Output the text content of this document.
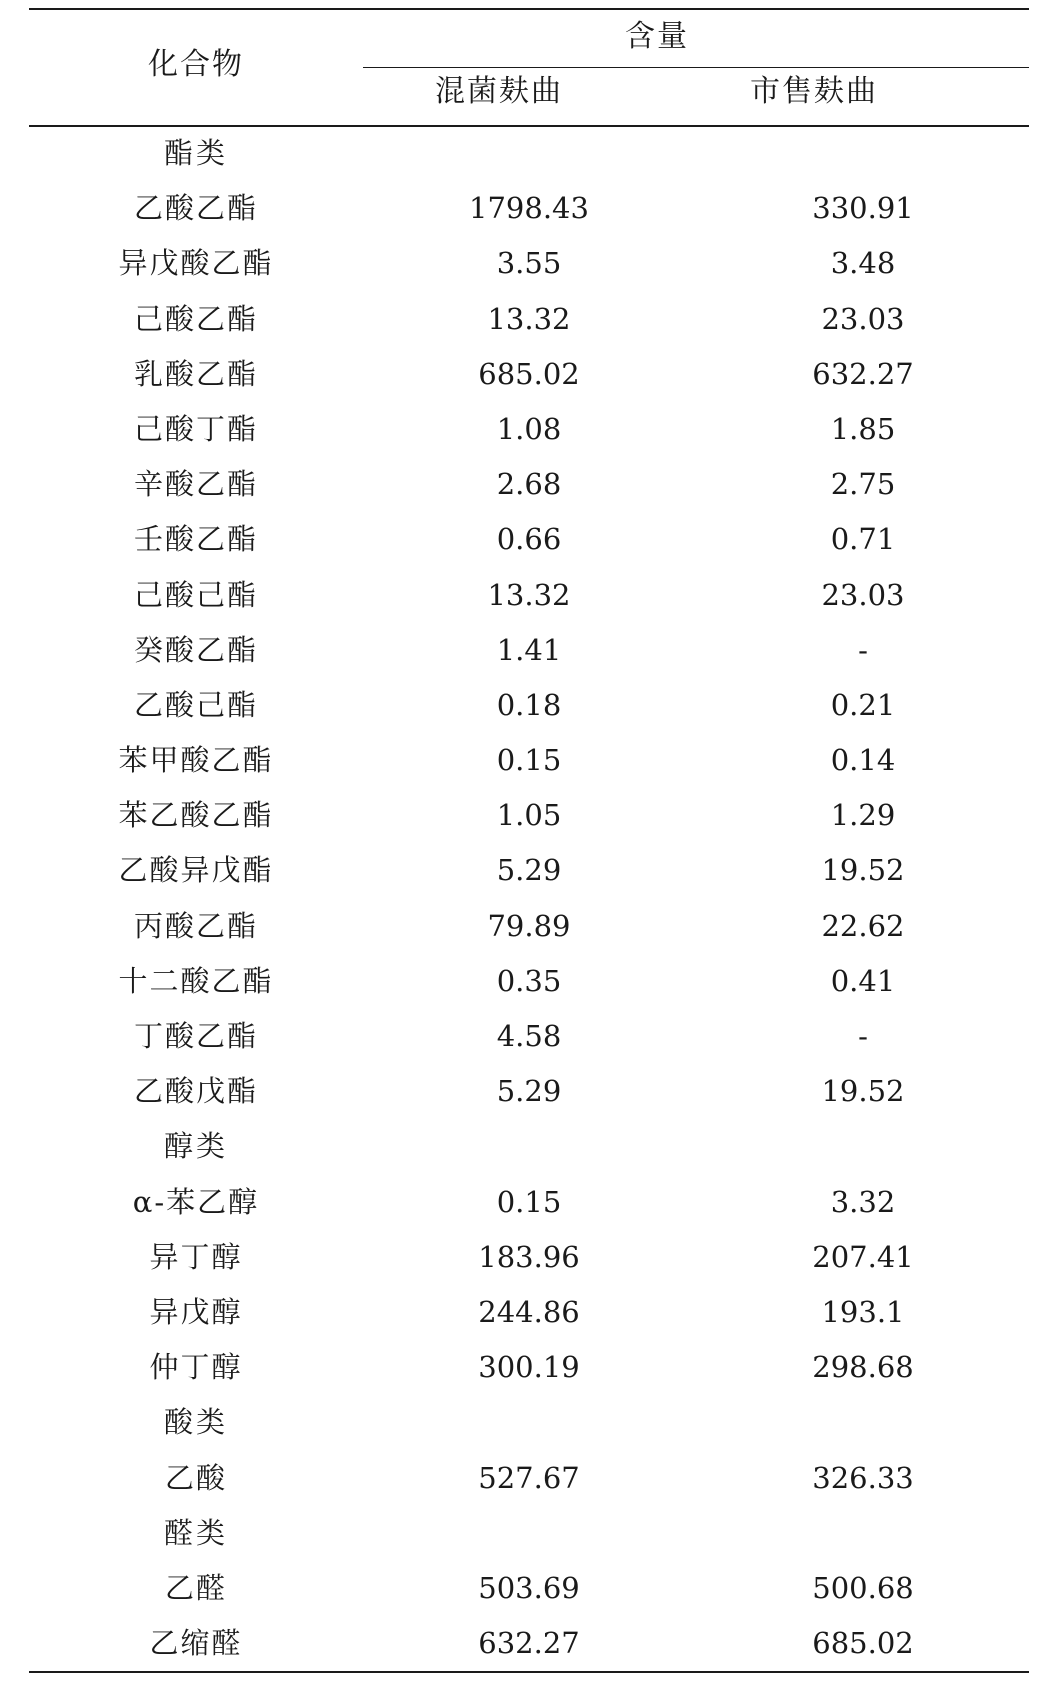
化合物
含量
混菌麸曲	市售麸曲
酯类
乙酸乙酯	1798.43	330.91
异戊酸乙酯	3.55	3.48
己酸乙酯	13.32	23.03
乳酸乙酯	685.02	632.27
己酸丁酯	1.08	1.85
辛酸乙酯	2.68	2.75
壬酸乙酯	0.66	0.71
己酸己酯	13.32	23.03
癸酸乙酯	1.41	-
乙酸己酯	0.18	0.21
苯甲酸乙酯	0.15	0.14
苯乙酸乙酯	1.05	1.29
乙酸异戊酯	5.29	19.52
丙酸乙酯	79.89	22.62
十二酸乙酯	0.35	0.41
丁酸乙酯	4.58	-
乙酸戊酯	5.29	19.52
醇类
α-苯乙醇	0.15	3.32
异丁醇	183.96	207.41
异戊醇	244.86	193.1
仲丁醇	300.19	298.68
酸类
乙酸	527.67	326.33
醛类
乙醛	503.69	500.68
乙缩醛	632.27	685.02
